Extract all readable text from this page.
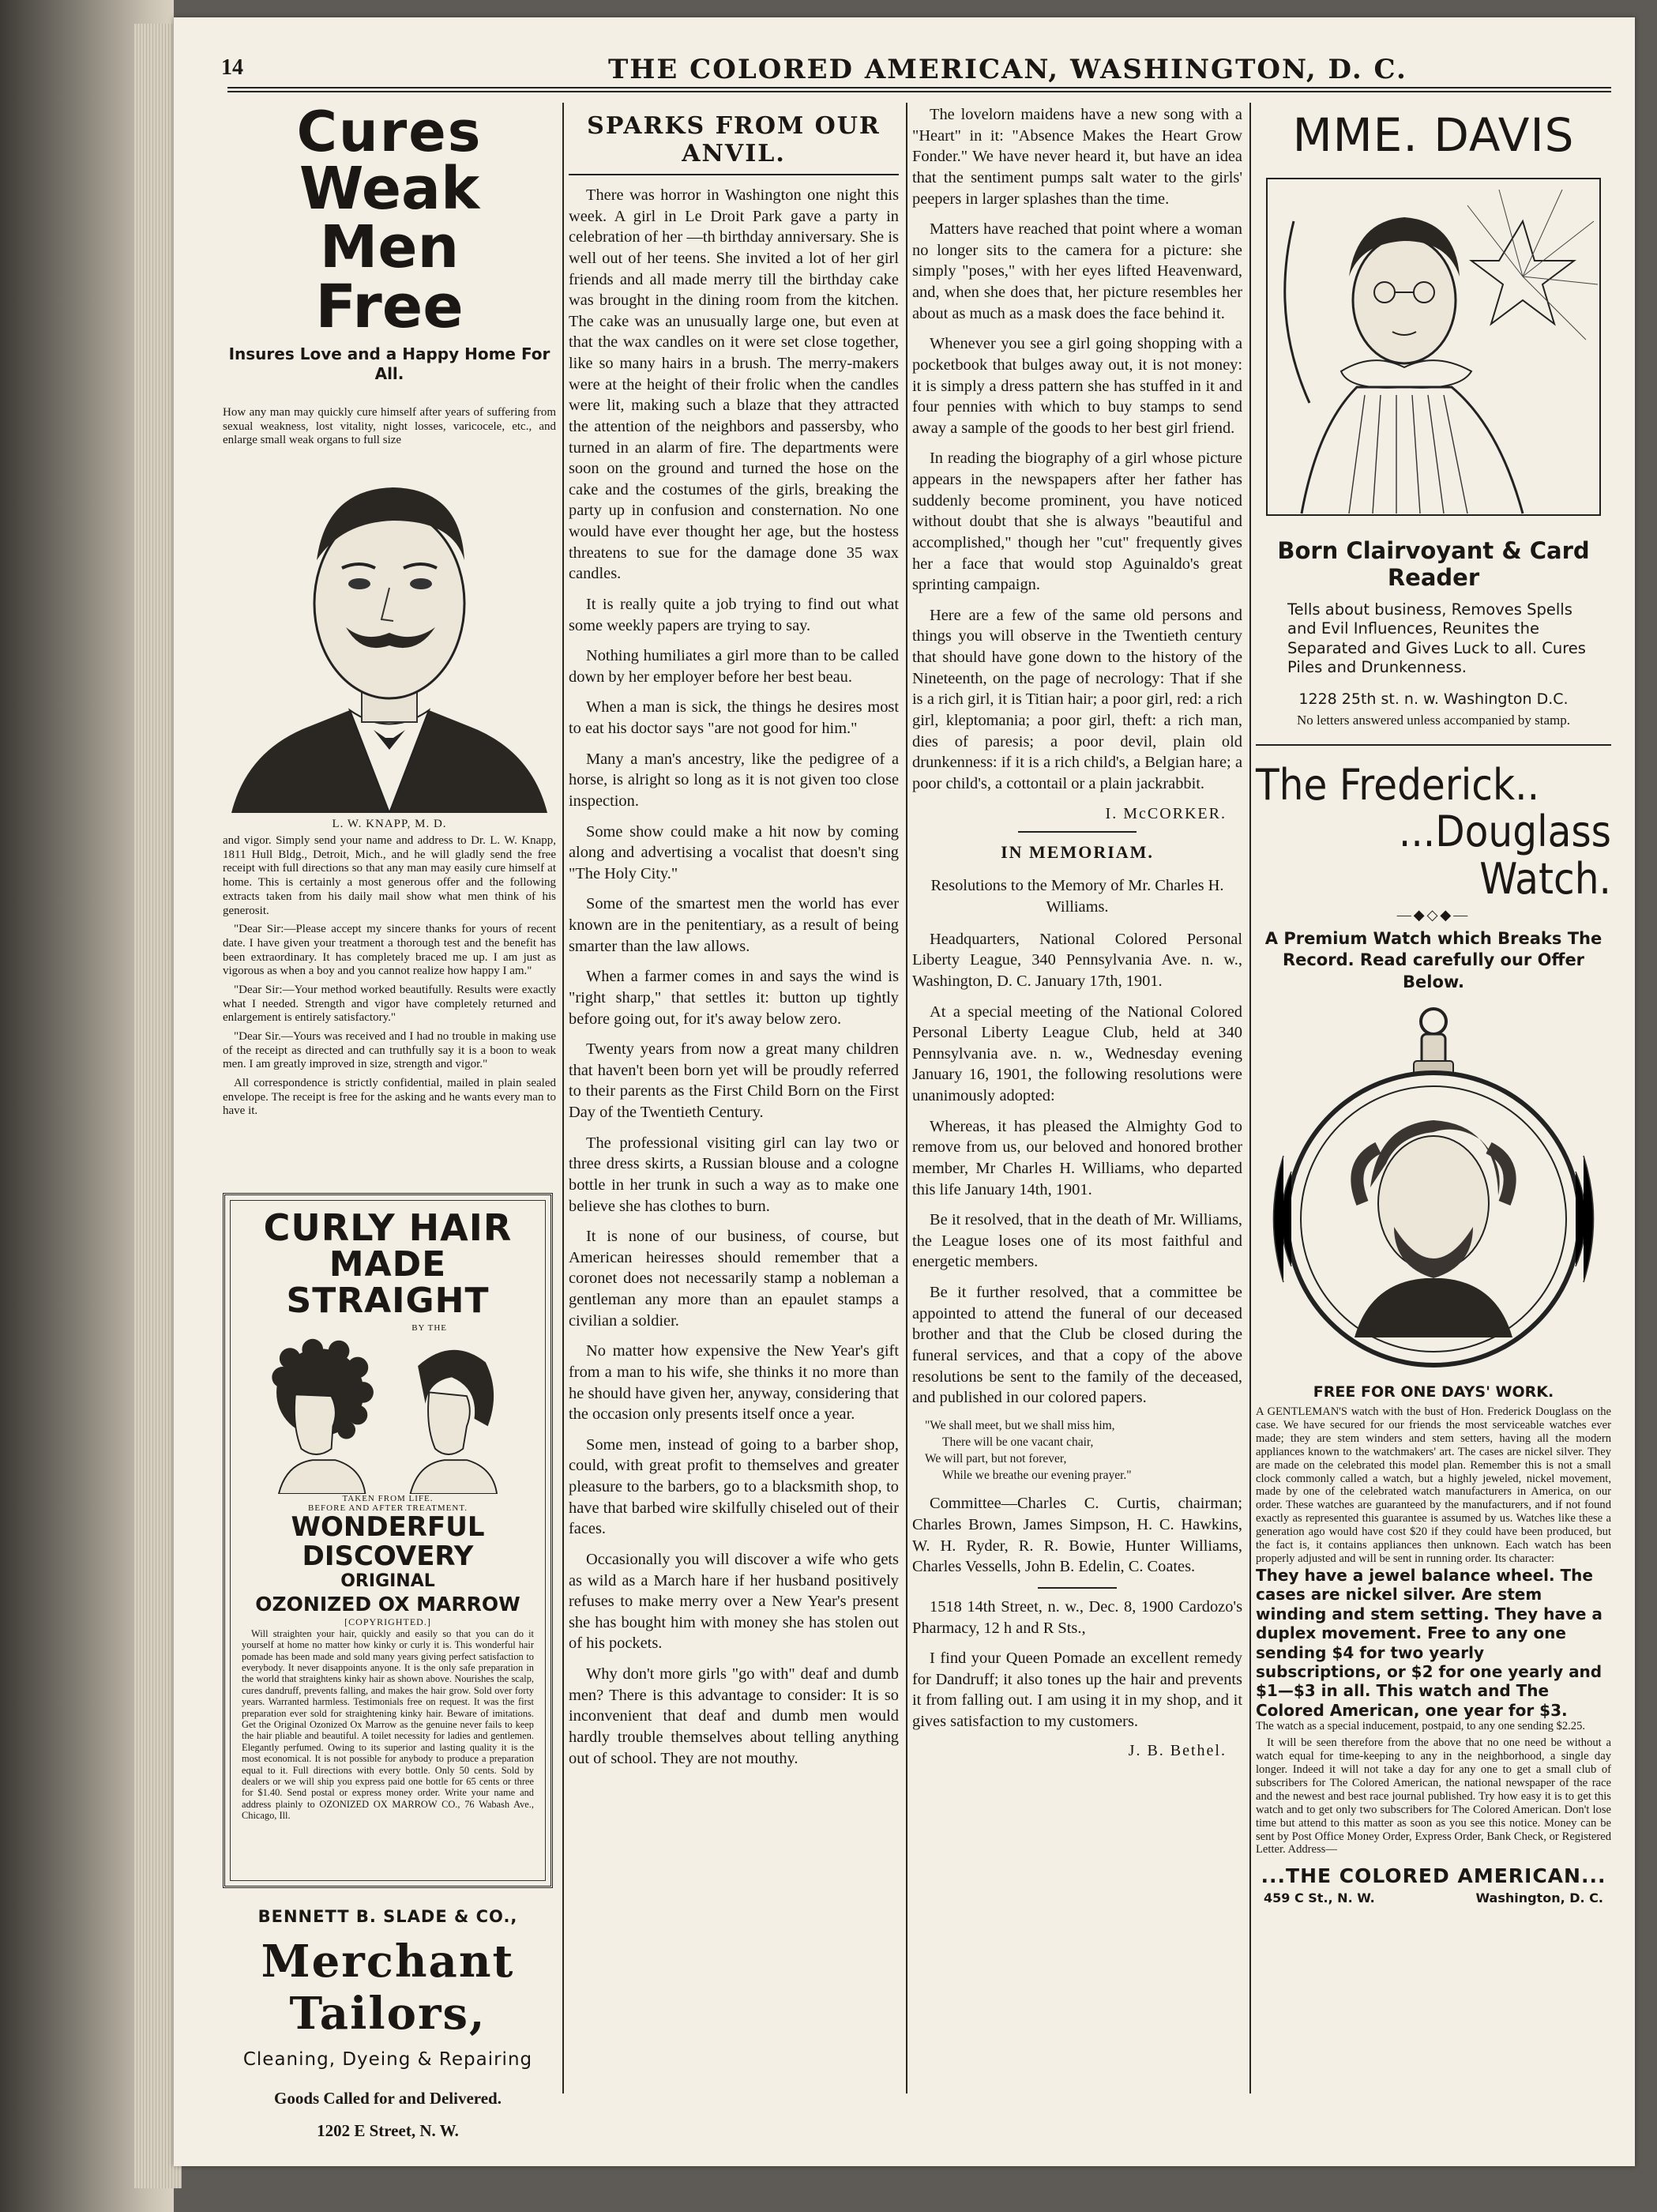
14	THE COLORED AMERICAN, WASHINGTON, D. C.
Cures
Weak Men
Free
Insures Love and a Happy Home For All.
How any man may quickly cure himself after years of suffering from sexual weakness, lost vitality, night losses, varicocele, etc., and enlarge small weak organs to full size
L. W. KNAPP, M. D.
and vigor. Simply send your name and address to Dr. L. W. Knapp, 1811 Hull Bldg., Detroit, Mich., and he will gladly send the free receipt with full directions so that any man may easily cure himself at home. This is certainly a most generous offer and the following extracts taken from his daily mail show what men think of his generosit.
"Dear Sir:—Please accept my sincere thanks for yours of recent date. I have given your treatment a thorough test and the benefit has been extraordinary. It has completely braced me up. I am just as vigorous as when a boy and you cannot realize how happy I am."
"Dear Sir:—Your method worked beautifully. Results were exactly what I needed. Strength and vigor have completely returned and enlargement is entirely satisfactory."
"Dear Sir.—Yours was received and I had no trouble in making use of the receipt as directed and can truthfully say it is a boon to weak men. I am greatly improved in size, strength and vigor."
All correspondence is strictly confidential, mailed in plain sealed envelope. The receipt is free for the asking and he wants every man to have it.
CURLY HAIR
MADE STRAIGHT
BY THE
TAKEN FROM LIFE.
BEFORE AND AFTER TREATMENT.
WONDERFUL DISCOVERY
ORIGINAL
OZONIZED OX MARROW
[COPYRIGHTED.]
Will straighten your hair, quickly and easily so that you can do it yourself at home no matter how kinky or curly it is. This wonderful hair pomade has been made and sold many years giving perfect satisfaction to everybody. It never disappoints anyone. It is the only safe preparation in the world that straightens kinky hair as shown above. Nourishes the scalp, cures dandruff, prevents falling, and makes the hair grow. Sold over forty years. Warranted harmless. Testimonials free on request. It was the first preparation ever sold for straightening kinky hair. Beware of imitations. Get the Original Ozonized Ox Marrow as the genuine never fails to keep the hair pliable and beautiful. A toilet necessity for ladies and gentlemen. Elegantly perfumed. Owing to its superior and lasting quality it is the most economical. It is not possible for anybody to produce a preparation equal to it. Full directions with every bottle. Only 50 cents. Sold by dealers or we will ship you express paid one bottle for 65 cents or three for $1.40. Send postal or express money order. Write your name and address plainly to OZONIZED OX MARROW CO., 76 Wabash Ave., Chicago, Ill.
BENNETT B. SLADE & CO.,
Merchant Tailors,
Cleaning, Dyeing & Repairing
Goods Called for and Delivered.
1202 E Street, N. W.
SPARKS FROM OUR ANVIL.

There was horror in Washington one night this week. A girl in Le Droit Park gave a party in celebration of her —th birthday anniversary. She is well out of her teens. She invited a lot of her girl friends and all made merry till the birthday cake was brought in the dining room from the kitchen. The cake was an unusually large one, but even at that the wax candles on it were set close together, like so many hairs in a brush. The merry-makers were at the height of their frolic when the candles were lit, making such a blaze that they attracted the attention of the neighbors and passersby, who turned in an alarm of fire. The departments were soon on the ground and turned the hose on the cake and the costumes of the girls, breaking the party up in confusion and consternation. No one would have ever thought her age, but the hostess threatens to sue for the damage done 35 wax candles.

It is really quite a job trying to find out what some weekly papers are trying to say.

Nothing humiliates a girl more than to be called down by her employer before her best beau.

When a man is sick, the things he desires most to eat his doctor says "are not good for him."

Many a man's ancestry, like the pedigree of a horse, is alright so long as it is not given too close inspection.

Some show could make a hit now by coming along and advertising a vocalist that doesn't sing "The Holy City."

Some of the smartest men the world has ever known are in the penitentiary, as a result of being smarter than the law allows.

When a farmer comes in and says the wind is "right sharp," that settles it: button up tightly before going out, for it's away below zero.

Twenty years from now a great many children that haven't been born yet will be proudly referred to their parents as the First Child Born on the First Day of the Twentieth Century.

The professional visiting girl can lay two or three dress skirts, a Russian blouse and a cologne bottle in her trunk in such a way as to make one believe she has clothes to burn.

It is none of our business, of course, but American heiresses should remember that a coronet does not necessarily stamp a nobleman a gentleman any more than an epaulet stamps a civilian a soldier.

No matter how expensive the New Year's gift from a man to his wife, she thinks it no more than he should have given her, anyway, considering that the occasion only presents itself once a year.

Some men, instead of going to a barber shop, could, with great profit to themselves and greater pleasure to the barbers, go to a blacksmith shop, to have that barbed wire skilfully chiseled out of their faces.

Occasionally you will discover a wife who gets as wild as a March hare if her husband positively refuses to make merry over a New Year's present she has bought him with money she has stolen out of his pockets.

Why don't more girls "go with" deaf and dumb men? There is this advantage to consider: It is so inconvenient that deaf and dumb men would hardly trouble themselves about telling anything out of school. They are not mouthy.

The lovelorn maidens have a new song with a "Heart" in it: "Absence Makes the Heart Grow Fonder." We have never heard it, but have an idea that the sentiment pumps salt water to the girls' peepers in larger splashes than the time.

Matters have reached that point where a woman no longer sits to the camera for a picture: she simply "poses," with her eyes lifted Heavenward, and, when she does that, her picture resembles her about as much as a mask does the face behind it.

Whenever you see a girl going shopping with a pocketbook that bulges away out, it is not money: it is simply a dress pattern she has stuffed in it and four pennies with which to buy stamps to send away a sample of the goods to her best girl friend.

In reading the biography of a girl whose picture appears in the newspapers after her father has suddenly become prominent, you have noticed without doubt that she is always "beautiful and accomplished," though her "cut" frequently gives her a face that would stop Aguinaldo's great sprinting campaign.

Here are a few of the same old persons and things you will observe in the Twentieth century that should have gone down to the history of the Nineteenth, on the page of necrology: That if she is a rich girl, it is Titian hair; a poor girl, red: a rich girl, kleptomania; a poor girl, theft: a rich man, dies of paresis; a poor devil, plain old drunkenness: if it is a rich child's, a Belgian hare; a poor child's, a cottontail or a plain jackrabbit.

I. McCORKER.
IN MEMORIAM.
Resolutions to the Memory of Mr. Charles H. Williams.

Headquarters, National Colored Personal Liberty League, 340 Pennsylvania Ave. n. w., Washington, D. C. January 17th, 1901.

At a special meeting of the National Colored Personal Liberty League Club, held at 340 Pennsylvania ave. n. w., Wednesday evening January 16, 1901, the following resolutions were unanimously adopted:

Whereas, it has pleased the Almighty God to remove from us, our beloved and honored brother member, Mr Charles H. Williams, who departed this life January 14th, 1901.

Be it resolved, that in the death of Mr. Williams, the League loses one of its most faithful and energetic members.

Be it further resolved, that a committee be appointed to attend the funeral of our deceased brother and that the Club be closed during the funeral services, and that a copy of the above resolutions be sent to the family of the deceased, and published in our colored papers.

"We shall meet, but we shall miss him,
There will be one vacant chair,
We will part, but not forever,
While we breathe our evening prayer."

Committee—Charles C. Curtis, chairman; Charles Brown, James Simpson, H. C. Hawkins, W. H. Ryder, R. R. Bowie, Hunter Williams, Charles Vessells, John B. Edelin, C. Coates.

1518 14th Street, n. w., Dec. 8, 1900 Cardozo's Pharmacy, 12 h and R Sts.,

I find your Queen Pomade an excellent remedy for Dandruff; it also tones up the hair and prevents it from falling out. I am using it in my shop, and it gives satisfaction to my customers.

J. B. Bethel.
MME. DAVIS
Born Clairvoyant & Card Reader
Tells about business, Removes Spells and Evil Influences, Reunites the Separated and Gives Luck to all. Cures Piles and Drunkenness.
1228 25th st. n. w. Washington D.C.
No letters answered unless accompanied by stamp.
The Frederick..
...Douglass Watch.
—◆◇◆—
A Premium Watch which Breaks The Record. Read carefully our Offer Below.
FREE FOR ONE DAYS' WORK.
A GENTLEMAN'S watch with the bust of Hon. Frederick Douglass on the case. We have secured for our friends the most serviceable watches ever made; they are stem winders and stem setters, having all the modern appliances known to the watchmakers' art. The cases are nickel silver. They are made on the celebrated this model plan. Remember this is not a small clock commonly called a watch, but a highly jeweled, nickel movement, made by one of the celebrated watch manufacturers in America, on our order. These watches are guaranteed by the manufacturers, and if not found exactly as represented this guarantee is assumed by us. Watches like these a generation ago would have cost $20 if they could have been produced, but the fact is, it contains appliances then unknown. Each watch has been properly adjusted and will be sent in running order. Its character:
They have a jewel balance wheel. The cases are nickel silver. Are stem winding and stem setting. They have a duplex movement. Free to any one sending $4 for two yearly subscriptions, or $2 for one yearly and $1—$3 in all. This watch and The Colored American, one year for $3.
The watch as a special inducement, postpaid, to any one sending $2.25.
It will be seen therefore from the above that no one need be without a watch equal for time-keeping to any in the neighborhood, a single day longer. Indeed it will not take a day for any one to get a small club of subscribers for The Colored American, the national newspaper of the race and the newest and best race journal published. Try how easy it is to get this watch and to get only two subscribers for The Colored American. Don't lose time but attend to this matter as soon as you see this notice. Money can be sent by Post Office Money Order, Express Order, Bank Check, or Registered Letter. Address—
...THE COLORED AMERICAN...
459 C St., N. W.	Washington, D. C.
